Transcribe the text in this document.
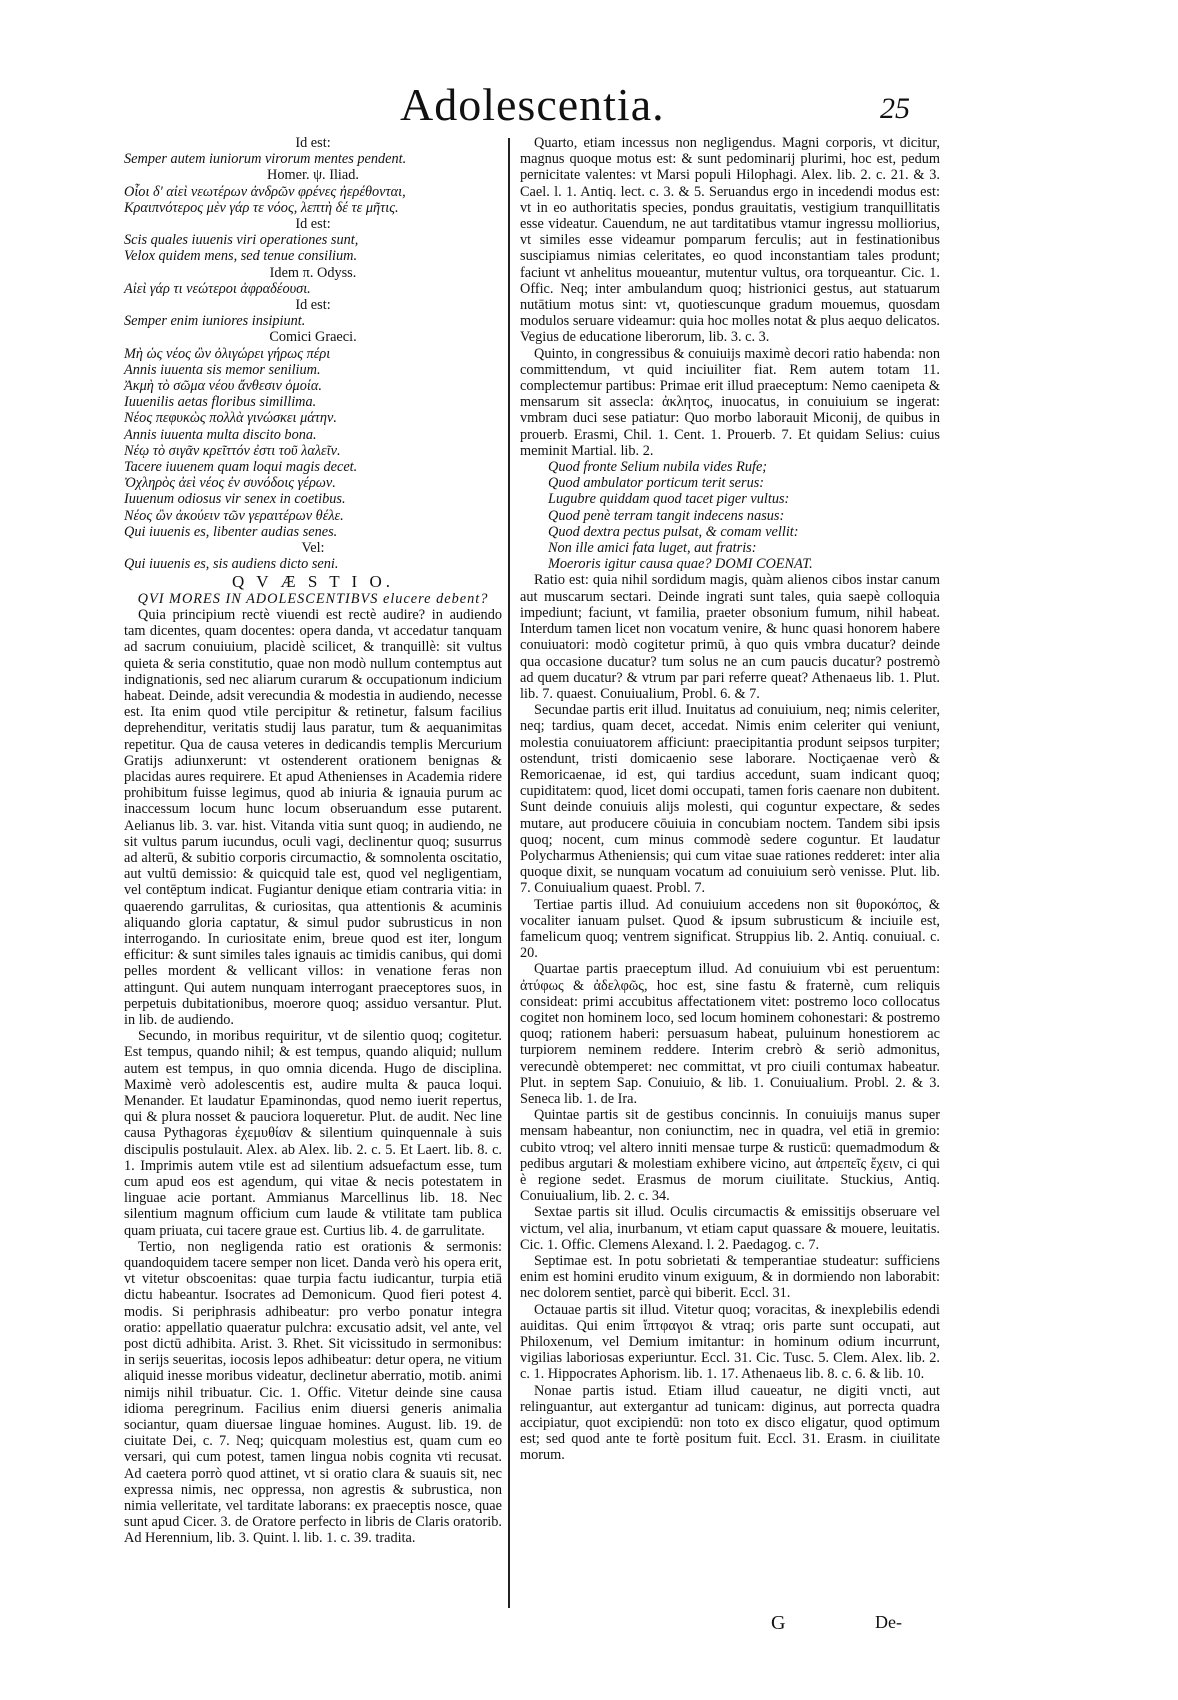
Adolescentia.	25
Id est:
Semper autem iuniorum virorum mentes pendent.
Homer. ψ. Iliad.
Οἷοι δ' αἰεὶ νεωτέρων ἀνδρῶν φρένες ἠερέθονται,
Κραιπνότερος μὲν γάρ τε νόος, λεπτὴ δέ τε μῆτις.
Id est:
Scis quales iuuenis viri operationes sunt,
Velox quidem mens, sed tenue consilium.
Idem π. Odyss.
Αἰεὶ γάρ τι νεώτεροι ἀφραδέουσι.
Id est:
Semper enim iuniores insipiunt.
Comici Graeci.
Μὴ ὡς νέος ὢν ὀλιγώρει γήρως πέρι
Annis iuuenta sis memor senilium.
Ἀκμὴ τὸ σῶμα νέου ἄνθεσιν ὁμοία.
Iuuenilis aetas floribus simillima.
Νέος πεφυκὼς πολλὰ γινώσκει μάτην.
Annis iuuenta multa discito bona.
Νέῳ τὸ σιγᾶν κρεῖττόν ἐστι τοῦ λαλεῖν.
Tacere iuuenem quam loqui magis decet.
Ὀχληρὸς ἀεὶ νέος ἐν συνόδοις γέρων.
Iuuenum odiosus vir senex in coetibus.
Νέος ὢν ἀκούειν τῶν γεραιτέρων θέλε.
Qui iuuenis es, libenter audias senes.
Vel:
Qui iuuenis es, sis audiens dicto seni.
Q V Æ S T I O.
QVI MORES IN ADOLESCENTIBVS elucere debent?

Quia principium rectè viuendi est rectè audire? in audiendo tam dicentes, quam docentes: opera danda, vt accedatur tanquam ad sacrum conuiuium, placidè scilicet, & tranquillè: sit vultus quieta & seria constitutio, quae non modò nullum contemptus aut indignationis, sed nec aliarum curarum & occupationum indicium habeat. Deinde, adsit verecundia & modestia in audiendo, necesse est. Ita enim quod vtile percipitur & retinetur, falsum facilius deprehenditur, veritatis studij laus paratur, tum & aequanimitas repetitur. Qua de causa veteres in dedicandis templis Mercurium Gratijs adiunxerunt: vt ostenderent orationem benignas & placidas aures requirere. Et apud Athenienses in Academia ridere prohibitum fuisse legimus, quod ab iniuria & ignauia purum ac inaccessum locum hunc locum obseruandum esse putarent. Aelianus lib. 3. var. hist. Vitanda vitia sunt quoq; in audiendo, ne sit vultus parum iucundus, oculi vagi, declinentur quoq; susurrus ad alterū, & subitio corporis circumactio, & somnolenta oscitatio, aut vultū demissio: & quicquid tale est, quod vel negligentiam, vel contēptum indicat. Fugiantur denique etiam contraria vitia: in quaerendo garrulitas, & curiositas, qua attentionis & acuminis aliquando gloria captatur, & simul pudor subrusticus in non interrogando. In curiositate enim, breue quod est iter, longum efficitur: & sunt similes tales ignauis ac timidis canibus, qui domi pelles mordent & vellicant villos: in venatione feras non attingunt. Qui autem nunquam interrogant praeceptores suos, in perpetuis dubitationibus, moerore quoq; assiduo versantur. Plut. in lib. de audiendo.

Secundo, in moribus requiritur, vt de silentio quoq; cogitetur. Est tempus, quando nihil; & est tempus, quando aliquid; nullum autem est tempus, in quo omnia dicenda. Hugo de disciplina. Maximè verò adolescentis est, audire multa & pauca loqui. Menander. Et laudatur Epaminondas, quod nemo iuerit repertus, qui & plura nosset & pauciora loqueretur. Plut. de audit. Nec line causa Pythagoras ἐχεμυθίαν & silentium quinquennale à suis discipulis postulauit. Alex. ab Alex. lib. 2. c. 5. Et Laert. lib. 8. c. 1. Imprimis autem vtile est ad silentium adsuefactum esse, tum cum apud eos est agendum, qui vitae & necis potestatem in linguae acie portant. Ammianus Marcellinus lib. 18. Nec silentium magnum officium cum laude & vtilitate tam publica quam priuata, cui tacere graue est. Curtius lib. 4. de garrulitate.

Tertio, non negligenda ratio est orationis & sermonis: quandoquidem tacere semper non licet. Danda verò his opera erit, vt vitetur obscoenitas: quae turpia factu iudicantur, turpia etiā dictu habeantur. Isocrates ad Demonicum. Quod fieri potest 4. modis. Si periphrasis adhibeatur: pro verbo ponatur integra oratio: appellatio quaeratur pulchra: excusatio adsit, vel ante, vel post dictū adhibita. Arist. 3. Rhet. Sit vicissitudo in sermonibus: in serijs seueritas, iocosis lepos adhibeatur: detur opera, ne vitium aliquid inesse moribus videatur, declinetur aberratio, motib. animi nimijs nihil tribuatur. Cic. 1. Offic. Vitetur deinde sine causa idioma peregrinum. Facilius enim diuersi generis animalia sociantur, quam diuersae linguae homines. August. lib. 19. de ciuitate Dei, c. 7. Neq; quicquam molestius est, quam cum eo versari, qui cum potest, tamen lingua nobis cognita vti recusat. Ad caetera porrò quod attinet, vt si oratio clara & suauis sit, nec expressa nimis, nec oppressa, non agrestis & subrustica, non nimia velleritate, vel tarditate laborans: ex praeceptis nosce, quae sunt apud Cicer. 3. de Oratore perfecto in libris de Claris oratorib. Ad Herennium, lib. 3. Quint. l. lib. 1. c. 39. tradita.

Quarto, etiam incessus non negligendus. Magni corporis, vt dicitur, magnus quoque motus est: & sunt pedominarij plurimi, hoc est, pedum pernicitate valentes: vt Marsi populi Hilophagi. Alex. lib. 2. c. 21. & 3. Cael. l. 1. Antiq. lect. c. 3. & 5. Seruandus ergo in incedendi modus est: vt in eo authoritatis species, pondus grauitatis, vestigium tranquillitatis esse videatur. Cauendum, ne aut tarditatibus vtamur ingressu molliorius, vt similes esse videamur pomparum ferculis; aut in festinationibus suscipiamus nimias celeritates, eo quod inconstantiam tales produnt; faciunt vt anhelitus moueantur, mutentur vultus, ora torqueantur. Cic. 1. Offic. Neq; inter ambulandum quoq; histrionici gestus, aut statuarum nutātium motus sint: vt, quotiescunque gradum mouemus, quosdam modulos seruare videamur: quia hoc molles notat & plus aequo delicatos. Vegius de educatione liberorum, lib. 3. c. 3.

Quinto, in congressibus & conuiuijs maximè decori ratio habenda: non committendum, vt quid inciuiliter fiat. Rem autem totam 11. complectemur partibus: Primae erit illud praeceptum: Nemo caenipeta & mensarum sit assecla: ἀκλητος, inuocatus, in conuiuium se ingerat: vmbram duci sese patiatur: Quo morbo laborauit Miconij, de quibus in prouerb. Erasmi, Chil. 1. Cent. 1. Prouerb. 7. Et quidam Selius: cuius meminit Martial. lib. 2.

Quod fronte Selium nubila vides Rufe;
Quod ambulator porticum terit serus:
Lugubre quiddam quod tacet piger vultus:
Quod penè terram tangit indecens nasus:
Quod dextra pectus pulsat, & comam vellit:
Non ille amici fata luget, aut fratris:
Moeroris igitur causa quae? DOMI COENAT.

Ratio est: quia nihil sordidum magis, quàm alienos cibos instar canum aut muscarum sectari. Deinde ingrati sunt tales, quia saepè colloquia impediunt; faciunt, vt familia, praeter obsonium fumum, nihil habeat. Interdum tamen licet non vocatum venire, & hunc quasi honorem habere conuiuatori: modò cogitetur primū, à quo quis vmbra ducatur? deinde qua occasione ducatur? tum solus ne an cum paucis ducatur? postremò ad quem ducatur? & vtrum par pari referre queat? Athenaeus lib. 1. Plut. lib. 7. quaest. Conuiualium, Probl. 6. & 7.

Secundae partis erit illud. Inuitatus ad conuiuium, neq; nimis celeriter, neq; tardius, quam decet, accedat. Nimis enim celeriter qui veniunt, molestia conuiuatorem afficiunt: praecipitantia produnt seipsos turpiter; ostendunt, tristi domicaenio sese laborare. Noctiçaenae verò & Remoricaenae, id est, qui tardius accedunt, suam indicant quoq; cupiditatem: quod, licet domi occupati, tamen foris caenare non dubitent. Sunt deinde conuiuis alijs molesti, qui coguntur expectare, & sedes mutare, aut producere cōuiuia in concubiam noctem. Tandem sibi ipsis quoq; nocent, cum minus commodè sedere coguntur. Et laudatur Polycharmus Atheniensis; qui cum vitae suae rationes redderet: inter alia quoque dixit, se nunquam vocatum ad conuiuium serò venisse. Plut. lib. 7. Conuiualium quaest. Probl. 7.

Tertiae partis illud. Ad conuiuium accedens non sit θυροκόπος, & vocaliter ianuam pulset. Quod & ipsum subrusticum & inciuile est, famelicum quoq; ventrem significat. Struppius lib. 2. Antiq. conuiual. c. 20.

Quartae partis praeceptum illud. Ad conuiuium vbi est peruentum: ἀτύφως & ἀδελφῶς, hoc est, sine fastu & fraternè, cum reliquis consideat: primi accubitus affectationem vitet: postremo loco collocatus cogitet non hominem loco, sed locum hominem cohonestari: & postremo quoq; rationem haberi: persuasum habeat, puluinum honestiorem ac turpiorem neminem reddere. Interim crebrò & seriò admonitus, verecundè obtemperet: nec committat, vt pro ciuili contumax habeatur. Plut. in septem Sap. Conuiuio, & lib. 1. Conuiualium. Probl. 2. & 3. Seneca lib. 1. de Ira.

Quintae partis sit de gestibus concinnis. In conuiuijs manus super mensam habeantur, non coniunctim, nec in quadra, vel etiā in gremio: cubito vtroq; vel altero inniti mensae turpe & rusticū: quemadmodum & pedibus argutari & molestiam exhibere vicino, aut ἀπρεπεῖς ἔχειν, ci qui è regione sedet. Erasmus de morum ciuilitate. Stuckius, Antiq. Conuiualium, lib. 2. c. 34.

Sextae partis sit illud. Oculis circumactis & emissitijs obseruare vel victum, vel alia, inurbanum, vt etiam caput quassare & mouere, leuitatis. Cic. 1. Offic. Clemens Alexand. l. 2. Paedagog. c. 7.

Septimae est. In potu sobrietati & temperantiae studeatur: sufficiens enim est homini erudito vinum exiguum, & in dormiendo non laborabit: nec dolorem sentiet, parcè qui biberit. Eccl. 31.

Octauae partis sit illud. Vitetur quoq; voracitas, & inexplebilis edendi auiditas. Qui enim ἴπτφαγοι & vtraq; oris parte sunt occupati, aut Philoxenum, vel Demium imitantur: in hominum odium incurrunt, vigilias laboriosas experiuntur. Eccl. 31. Cic. Tusc. 5. Clem. Alex. lib. 2. c. 1. Hippocrates Aphorism. lib. 1. 17. Athenaeus lib. 8. c. 6. & lib. 10.

Nonae partis istud. Etiam illud caueatur, ne digiti vncti, aut relinguantur, aut extergantur ad tunicam: diginus, aut porrecta quadra accipiatur, quot excipiendū: non toto ex disco eligatur, quod optimum est; sed quod ante te fortè positum fuit. Eccl. 31. Erasm. in ciuilitate morum.

G	De-
